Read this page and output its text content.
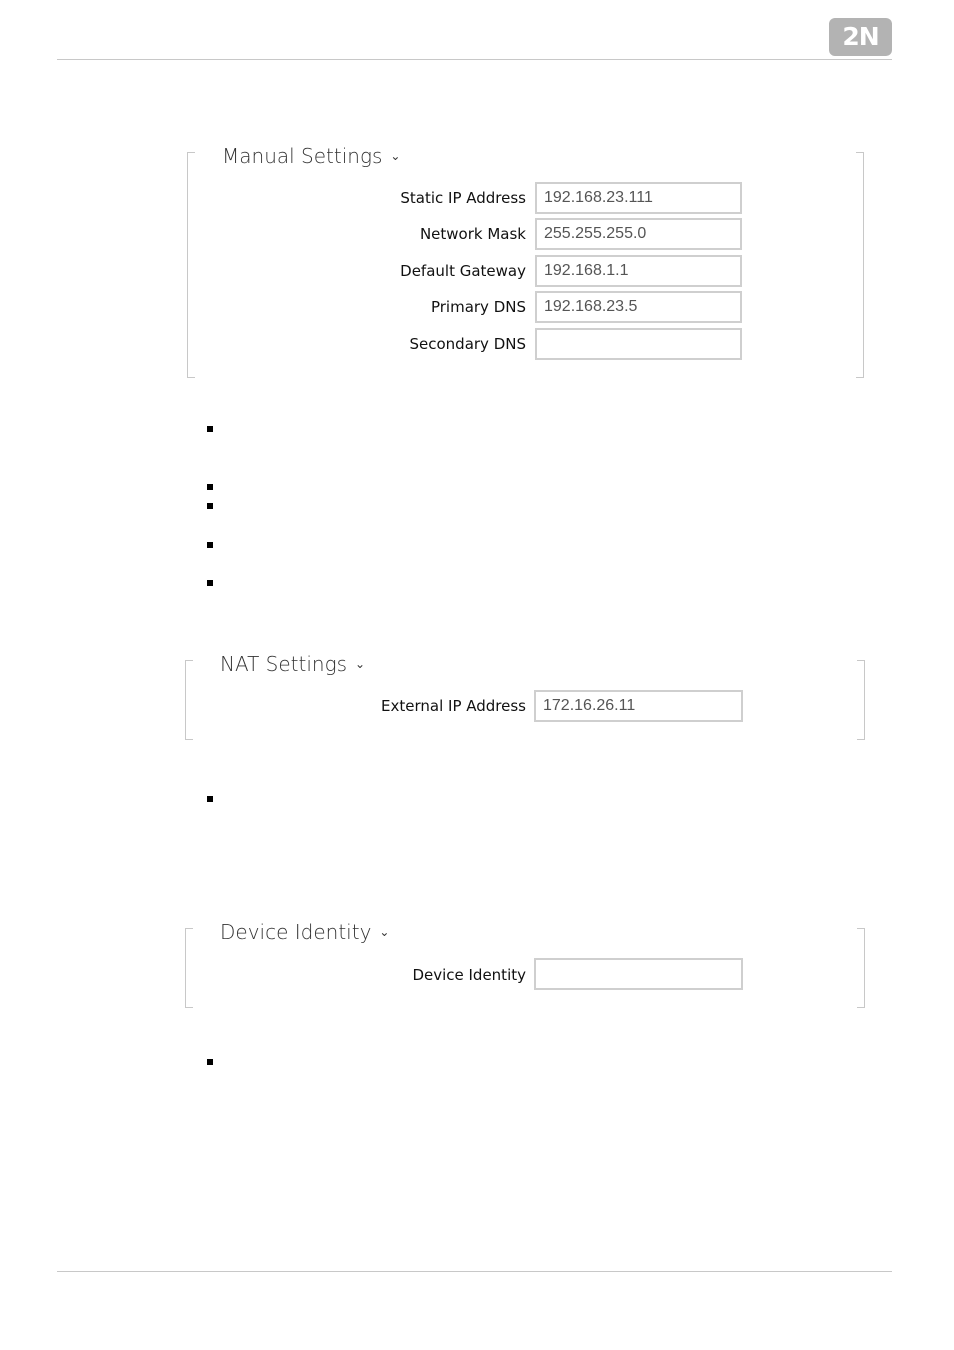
2N
Manual Settings ⌄
Static IP Address
192.168.23.111
Network Mask
255.255.255.0
Default Gateway
192.168.1.1
Primary DNS
192.168.23.5
Secondary DNS
NAT Settings ⌄
External IP Address
172.16.26.11
Device Identity ⌄
Device Identity
